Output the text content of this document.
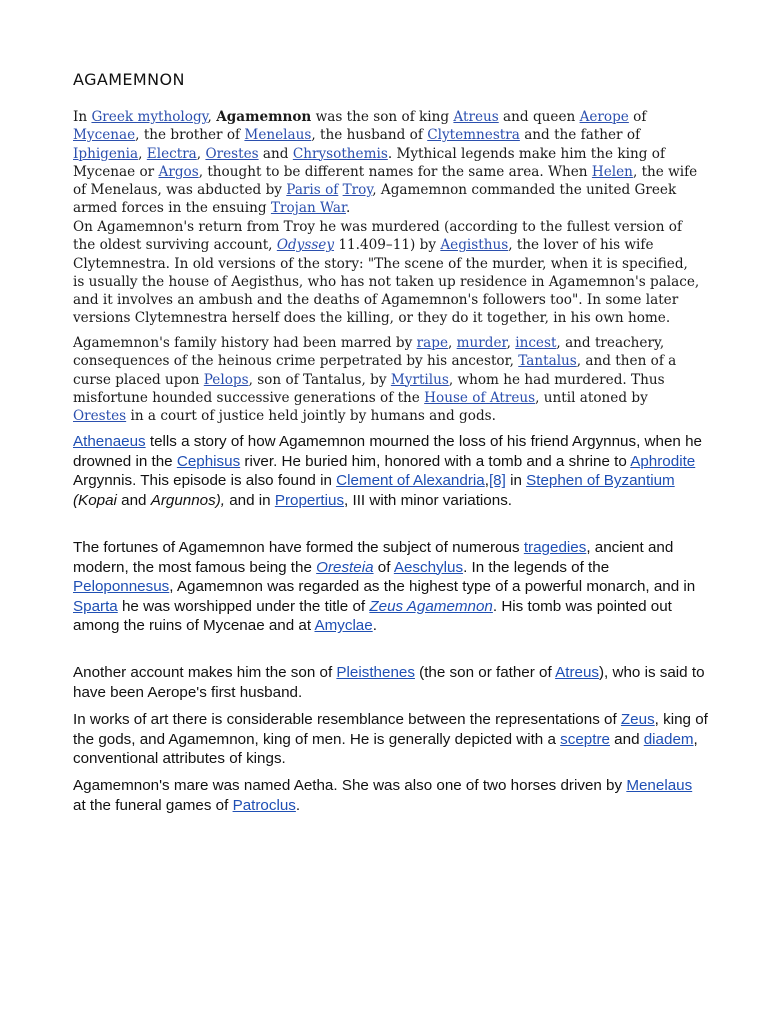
AGAMEMNON

In Greek mythology, Agamemnon was the son of king Atreus and queen Aerope of Mycenae, the brother of Menelaus, the husband of Clytemnestra and the father of Iphigenia, Electra, Orestes and Chrysothemis. Mythical legends make him the king of Mycenae or Argos, thought to be different names for the same area. When Helen, the wife of Menelaus, was abducted by Paris of Troy, Agamemnon commanded the united Greek armed forces in the ensuing Trojan War.

On Agamemnon's return from Troy he was murdered (according to the fullest version of the oldest surviving account, Odyssey 11.409–11) by Aegisthus, the lover of his wife Clytemnestra. In old versions of the story: "The scene of the murder, when it is specified, is usually the house of Aegisthus, who has not taken up residence in Agamemnon's palace, and it involves an ambush and the deaths of Agamemnon's followers too". In some later versions Clytemnestra herself does the killing, or they do it together, in his own home.

Agamemnon's family history had been marred by rape, murder, incest, and treachery, consequences of the heinous crime perpetrated by his ancestor, Tantalus, and then of a curse placed upon Pelops, son of Tantalus, by Myrtilus, whom he had murdered. Thus misfortune hounded successive generations of the House of Atreus, until atoned by Orestes in a court of justice held jointly by humans and gods.

Athenaeus tells a story of how Agamemnon mourned the loss of his friend Argynnus, when he drowned in the Cephisus river. He buried him, honored with a tomb and a shrine to Aphrodite Argynnis. This episode is also found in Clement of Alexandria,[8] in Stephen of Byzantium (Kopai and Argunnos), and in Propertius, III with minor variations.

The fortunes of Agamemnon have formed the subject of numerous tragedies, ancient and modern, the most famous being the Oresteia of Aeschylus. In the legends of the Peloponnesus, Agamemnon was regarded as the highest type of a powerful monarch, and in Sparta he was worshipped under the title of Zeus Agamemnon. His tomb was pointed out among the ruins of Mycenae and at Amyclae.

Another account makes him the son of Pleisthenes (the son or father of Atreus), who is said to have been Aerope's first husband.

In works of art there is considerable resemblance between the representations of Zeus, king of the gods, and Agamemnon, king of men. He is generally depicted with a sceptre and diadem, conventional attributes of kings.

Agamemnon's mare was named Aetha. She was also one of two horses driven by Menelaus at the funeral games of Patroclus.
